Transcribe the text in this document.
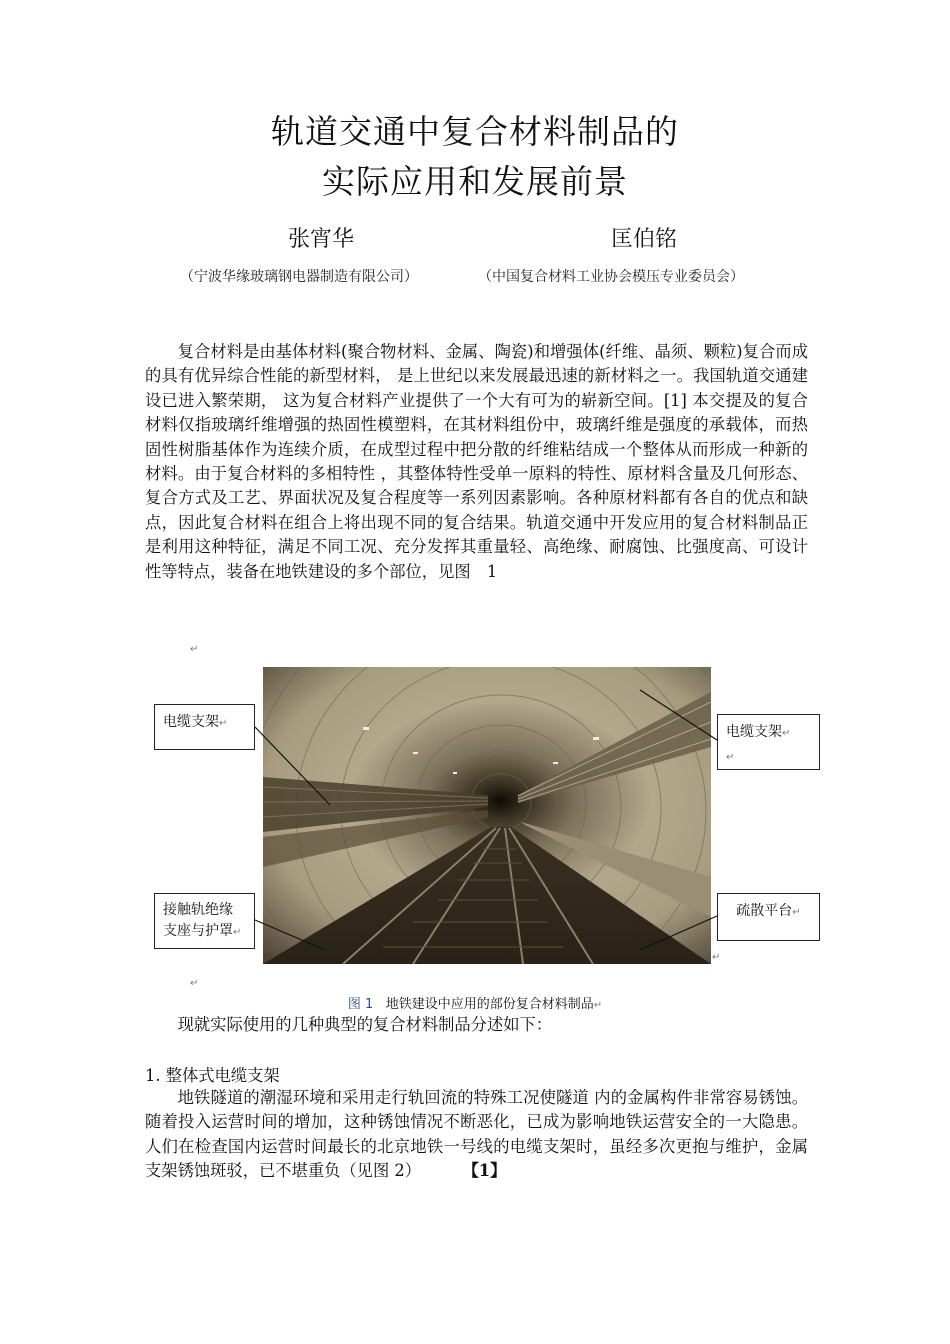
轨道交通中复合材料制品的
实际应用和发展前景
张宵华	匡伯铭
（宁波华缘玻璃钢电器制造有限公司）	（中国复合材料工业协会模压专业委员会）

复合材料是由基体材料(聚合物材料、金属、陶瓷)和增强体(纤维、晶须、颗粒)复合而成的具有优异综合性能的新型材料， 是上世纪以来发展最迅速的新材料之一。我国轨道交通建设已进入繁荣期， 这为复合材料产业提供了一个大有可为的崭新空间。[1] 本交提及的复合材料仅指玻璃纤维增强的热固性模塑料，在其材料组份中，玻璃纤维是强度的承载体，而热固性树脂基体作为连续介质，在成型过程中把分散的纤维粘结成一个整体从而形成一种新的材料。由于复合材料的多相特性 ，其整体特性受单一原料的特性、原材料含量及几何形态、复合方式及工艺、界面状况及复合程度等一系列因素影响。各种原材料都有各自的优点和缺点，因此复合材料在组合上将出现不同的复合结果。轨道交通中开发应用的复合材料制品正是利用这种特征，满足不同工况、充分发挥其重量轻、高绝缘、耐腐蚀、比强度高、可设计性等特点，装备在地铁建设的多个部位，见图　1

↵
↵
↵
电缆支架↵
电缆支架↵
↵
接触轨绝缘支座与护罩↵
疏散平台↵
图 1 地铁建设中应用的部份复合材料制品↵

现就实际使用的几种典型的复合材料制品分述如下：

1. 整体式电缆支架

地铁隧道的潮湿环境和采用走行轨回流的特殊工况使隧道 内的金属构件非常容易锈蚀。随着投入运营时间的增加，这种锈蚀情况不断恶化，已成为影响地铁运营安全的一大隐患。人们在检查国内运营时间最长的北京地铁一号线的电缆支架时，虽经多次更抱与维护，金属支架锈蚀斑驳，已不堪重负（见图 2）	【1】
